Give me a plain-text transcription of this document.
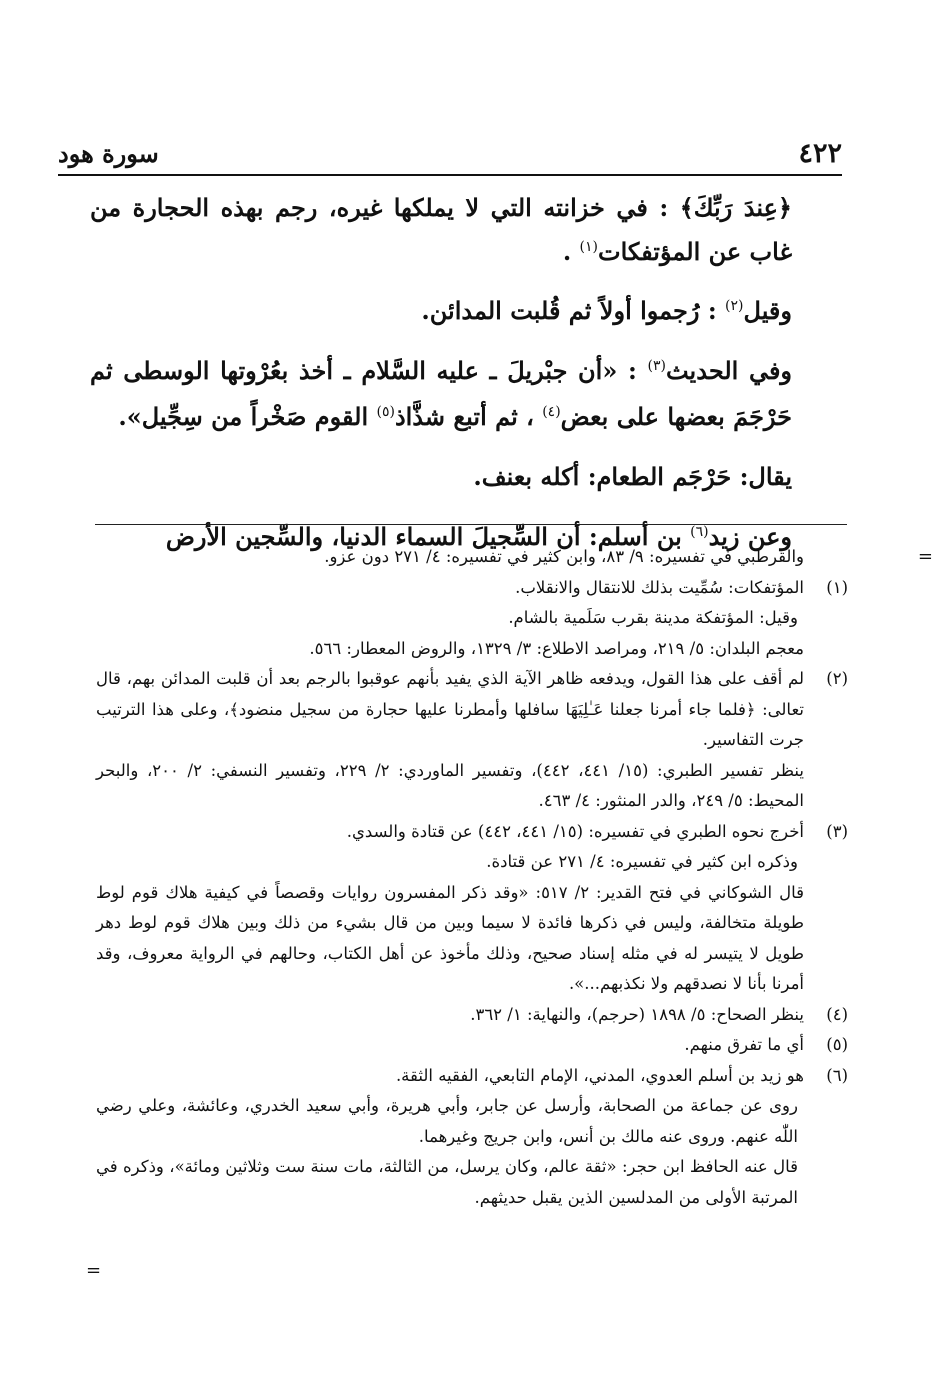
٤٢٢
سورة هود

﴿عِندَ رَبِّكَ﴾ : في خزانته التي لا يملكها غيره، رجم بهذه الحجارة من غاب عن المؤتفكات$^{(١)}$ .

وقيل$^{(٢)}$ : رُجموا أولاً ثم قُلبت المدائن.

وفي الحديث$^{(٣)}$ : «أن جبْريلَ ـ عليه السَّلام ـ أخذ بعُرْوتها الوسطى ثم حَرْجَمَ بعضها على بعض$^{(٤)}$ ، ثم أتبع شذَّاذ$^{(٥)}$ القوم صَخْراً من سِجِّيل».

يقال: حَرْجَم الطعام: أكله بعنف.

وعن زيد$^{(٦)}$ بن أسلم: أن السِّجيلَ السماء الدنيا، والسِّجين الأرض

=
والقرطبي في تفسيره: ٩/ ٨٣، وابن كثير في تفسيره: ٤/ ٢٧١ دون عزو.
(١)
المؤتفكات: سُمِّيت بذلك للانتقال والانقلاب.
وقيل: المؤتفكة مدينة بقرب سَلَمية بالشام.
معجم البلدان: ٥/ ٢١٩، ومراصد الاطلاع: ٣/ ١٣٢٩، والروض المعطار: ٥٦٦.
(٢)
لم أقف على هذا القول، ويدفعه ظاهر الآية الذي يفيد بأنهم عوقبوا بالرجم بعد أن قلبت المدائن بهم، قال تعالى: ﴿فلما جاء أمرنا جعلنا عَـٰلِيَهَا سافلها وأمطرنا عليها حجارة من سجيل منضود﴾، وعلى هذا الترتيب جرت التفاسير.
ينظر تفسير الطبري: (١٥/ ٤٤١، ٤٤٢)، وتفسير الماوردي: ٢/ ٢٢٩، وتفسير النسفي: ٢/ ٢٠٠، والبحر المحيط: ٥/ ٢٤٩، والدر المنثور: ٤/ ٤٦٣.
(٣)
أخرج نحوه الطبري في تفسيره: (١٥/ ٤٤١، ٤٤٢) عن قتادة والسدي.
وذكره ابن كثير في تفسيره: ٤/ ٢٧١ عن قتادة.
قال الشوكاني في فتح القدير: ٢/ ٥١٧: «وقد ذكر المفسرون روايات وقصصاً في كيفية هلاك قوم لوط طويلة متخالفة، وليس في ذكرها فائدة لا سيما وبين من قال بشيء من ذلك وبين هلاك قوم لوط دهر طويل لا يتيسر له في مثله إسناد صحيح، وذلك مأخوذ عن أهل الكتاب، وحالهم في الرواية معروف، وقد أمرنا بأنا لا نصدقهم ولا نكذبهم...».
(٤)
ينظر الصحاح: ٥/ ١٨٩٨ (حرجم)، والنهاية: ١/ ٣٦٢.
(٥)
أي ما تفرق منهم.
(٦)
هو زيد بن أسلم العدوي، المدني، الإمام التابعي، الفقيه الثقة.
روى عن جماعة من الصحابة، وأرسل عن جابر، وأبي هريرة، وأبي سعيد الخدري، وعائشة، وعلي رضي اللّٰه عنهم. وروى عنه مالك بن أنس، وابن جريج وغيرهما.
قال عنه الحافظ ابن حجر: «ثقة عالم، وكان يرسل، من الثالثة، مات سنة ست وثلاثين ومائة»، وذكره في المرتبة الأولى من المدلسين الذين يقبل حديثهم.
=
